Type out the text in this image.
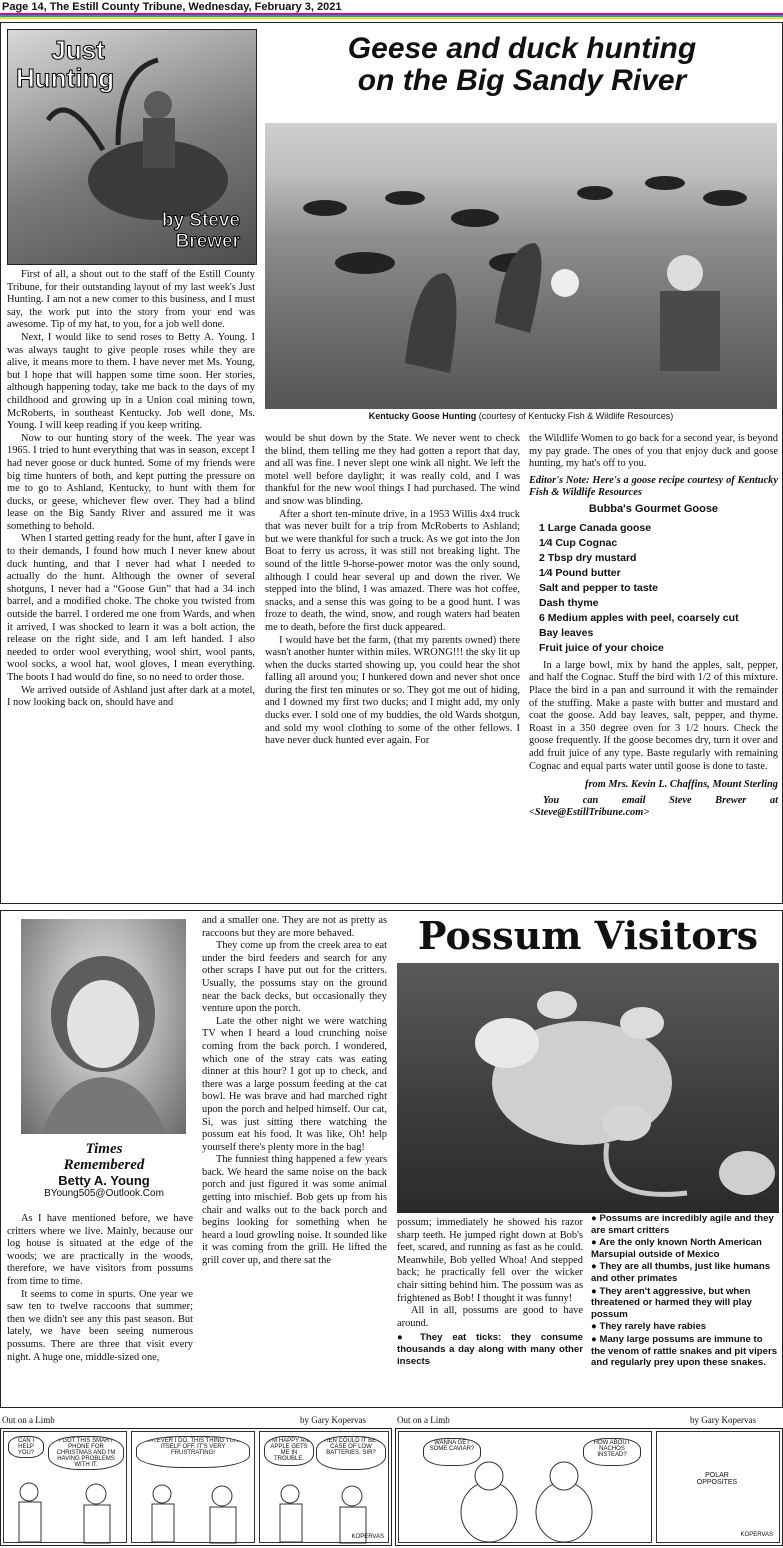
Page 14, The Estill County Tribune, Wednesday, February 3, 2021
Just
Hunting
by Steve
Brewer
Geese and duck hunting
on the Big Sandy River
Kentucky Goose Hunting (courtesy of Kentucky Fish & Wildlife Resources)

First of all, a shout out to the staff of the Estill County Tribune, for their outstanding layout of my last week's Just Hunting. I am not a new comer to this business, and I must say, the work put into the story from your end was awesome. Tip of my hat, to you, for a job well done.

Next, I would like to send roses to Betty A. Young. I was always taught to give people roses while they are alive, it means more to them. I have never met Ms. Young, but I hope that will happen some time soon. Her stories, although happening today, take me back to the days of my childhood and growing up in a Union coal mining town, McRoberts, in southeast Kentucky. Job well done, Ms. Young. I will keep reading if you keep writing.

Now to our hunting story of the week. The year was 1965. I tried to hunt everything that was in season, except I had never goose or duck hunted. Some of my friends were big time hunters of both, and kept putting the pressure on me to go to Ashland, Kentucky, to hunt with them for ducks, or geese, whichever flew over. They had a blind lease on the Big Sandy River and assured me it was something to behold.

When I started getting ready for the hunt, after I gave in to their demands, I found how much I never knew about duck hunting, and that I never had what I needed to actually do the hunt. Although the owner of several shotguns, I never had a “Goose Gun” that had a 34 inch barrel, and a modified choke. The choke you twisted from outside the barrel. I ordered me one from Wards, and when it arrived, I was shocked to learn it was a bolt action, the release on the right side, and I am left handed. I also needed to order wool everything, wool shirt, wool pants, wool socks, a wool hat, wool gloves, I mean everything. The boots I had would do fine, so no need to order those.

We arrived outside of Ashland just after dark at a motel, I now looking back on, should have and

would be shut down by the State. We never went to check the blind, them telling me they had gotten a report that day, and all was fine. I never slept one wink all night. We left the motel well before daylight; it was really cold, and I was thankful for the new wool things I had purchased. The wind and snow was blinding.

After a short ten-minute drive, in a 1953 Willis 4x4 truck that was never built for a trip from McRoberts to Ashland; but we were thankful for such a truck. As we got into the Jon Boat to ferry us across, it was still not breaking light. The sound of the little 9-horse-power motor was the only sound, although I could hear several up and down the river. We stepped into the blind, I was amazed. There was hot coffee, snacks, and a sense this was going to be a good hunt. I was froze to death, the wind, snow, and rough waters had beaten me to death, before the first duck appeared.

I would have bet the farm, (that my parents owned) there wasn't another hunter within miles. WRONG!!! the sky lit up when the ducks started showing up, you could hear the shot falling all around you; I hunkered down and never shot once during the first ten minutes or so. They got me out of hiding, and I downed my first two ducks; and I might add, my only ducks ever. I sold one of my buddies, the old Wards shotgun, and sold my wool clothing to some of the other fellows. I have never duck hunted ever again. For

the Wildlife Women to go back for a second year, is beyond my pay grade. The ones of you that enjoy duck and goose hunting, my hat's off to you.

Editor's Note: Here's a goose recipe courtesy of Kentucky Fish & Wildlife Resources
Bubba's Gourmet Goose
1 Large Canada goose
1⁄4 Cup Cognac
2 Tbsp dry mustard
1⁄4 Pound butter
Salt and pepper to taste
Dash thyme
6 Medium apples with peel, coarsely cut
Bay leaves
Fruit juice of your choice

In a large bowl, mix by hand the apples, salt, pepper, and half the Cognac. Stuff the bird with 1/2 of this mixture. Place the bird in a pan and surround it with the remainder of the stuffing. Make a paste with butter and mustard and coat the goose. Add bay leaves, salt, pepper, and thyme. Roast in a 350 degree oven for 3 1/2 hours. Check the goose frequently. If the goose becomes dry, turn it over and add fruit juice of any type. Baste regularly with remaining Cognac and equal parts water until goose is done to taste.

from Mrs. Kevin L. Chaffins, Mount Sterling
You can email Steve Brewer at <Steve@EstillTribune.com>
Times
Remembered
Betty A. Young
BYoung505@Outlook.Com

As I have mentioned before, we have critters where we live. Mainly, because our log house is situated at the edge of the woods; we are practically in the woods, therefore, we have visitors from possums from time to time.

It seems to come in spurts. One year we saw ten to twelve raccoons that summer; then we didn't see any this past season. But lately, we have been seeing numerous possums. There are three that visit every night. A huge one, middle-sized one,

and a smaller one. They are not as pretty as raccoons but they are more behaved.

They come up from the creek area to eat under the bird feeders and search for any other scraps I have put out for the critters. Usually, the possums stay on the ground near the back decks, but occasionally they venture upon the porch.

Late the other night we were watching TV when I heard a loud crunching noise coming from the back porch. I wondered, which one of the stray cats was eating dinner at this hour? I got up to check, and there was a large possum feeding at the cat bowl. He was brave and had marched right upon the porch and helped himself. Our cat, Si, was just sitting there watching the possum eat his food. It was like, Oh! help yourself there's plenty more in the bag!

The funniest thing happened a few years back. We heard the same noise on the back porch and just figured it was some animal getting into mischief. Bob gets up from his chair and walks out to the back porch and begins looking for something when he heard a loud growling noise. It sounded like it was coming from the grill. He lifted the grill cover up, and there sat the

Possum Visitors

possum; immediately he showed his razor sharp teeth. He jumped right down at Bob's feet, scared, and running as fast as he could. Meanwhile, Bob yelled Whoa! And stepped back; he practically fell over the wicker chair sitting behind him. The possum was as frightened as Bob! I thought it was funny!

All in all, possums are good to have around.

● They eat ticks: they consume thousands a day along with many other insects
● Possums are incredibly agile and they are smart critters
● Are the only known North American Marsupial outside of Mexico
● They are all thumbs, just like humans and other primates
● They aren't aggressive, but when threatened or harmed they will play possum
● They rarely have rabies
● Many large possums are immune to the venom of rattle snakes and pit vipers and regularly prey upon these snakes.
Out on a Limb	by Gary Kopervas
CAN I HELP YOU?
I GOT THIS SMART PHONE FOR CHRISTMAS AND I'M HAVING PROBLEMS WITH IT.
WHATEVER I DO, THIS THING TURNS ITSELF OFF. IT'S VERY FRUSTRATING!
I'M HAPPY AN APPLE GETS ME IN TROUBLE.
THEN COULD IT BE A CASE OF LOW BATTERIES, SIR?
KOPERVAS
Out on a Limb	by Gary Kopervas
WANNA GET SOME CAVIAR?
HOW ABOUT NACHOS INSTEAD?
POLAR OPPOSITES
KOPERVAS
